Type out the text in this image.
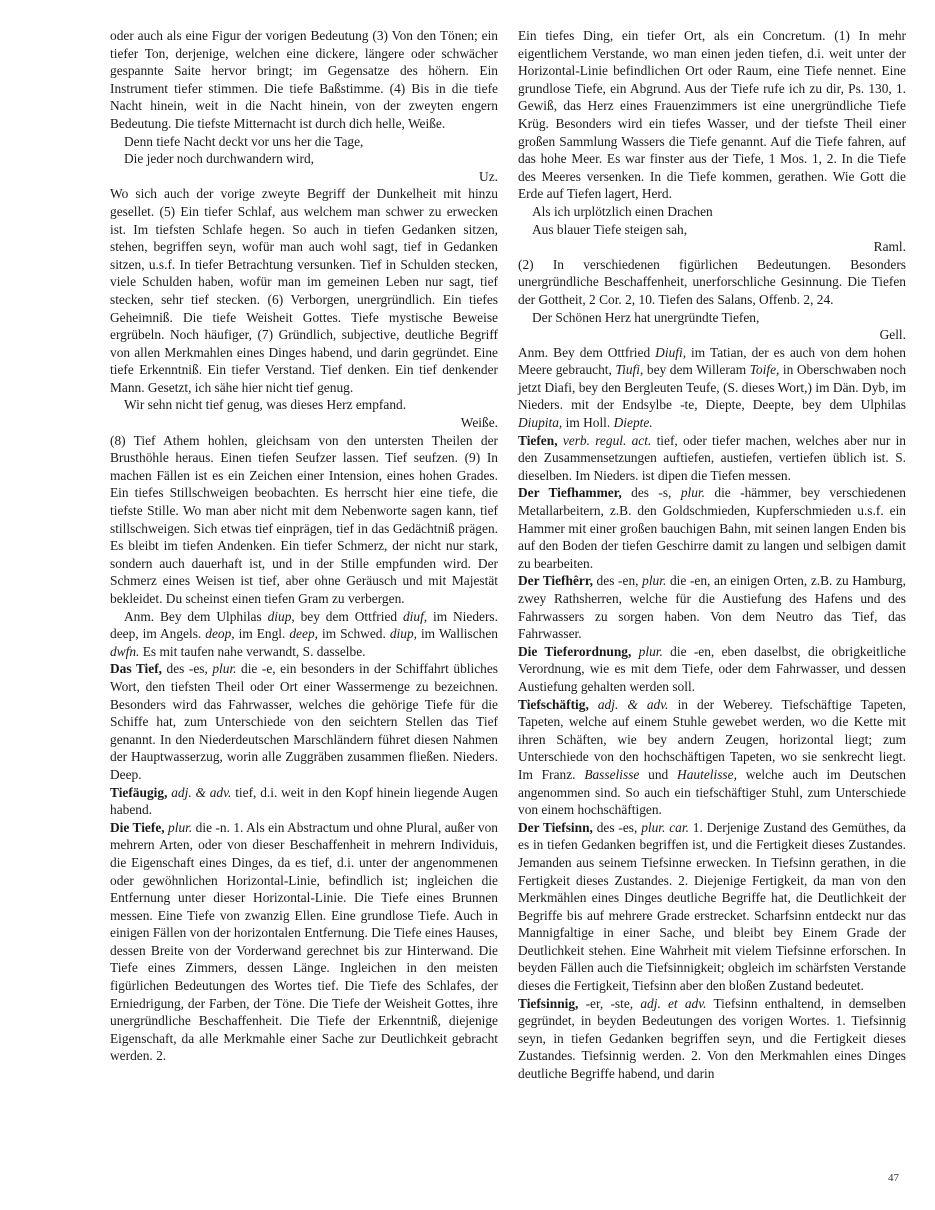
oder auch als eine Figur der vorigen Bedeutung (3) Von den Tönen; ein tiefer Ton, derjenige, welchen eine dickere, längere oder schwächer gespannte Saite hervor bringt; im Gegensatze des höhern. Ein Instrument tiefer stimmen. Die tiefe Baßstimme. (4) Bis in die tiefe Nacht hinein, weit in die Nacht hinein, von der zweyten engern Bedeutung. Die tiefste Mitternacht ist durch dich helle, Weiße.

Denn tiefe Nacht deckt vor uns her die Tage,

Die jeder noch durchwandern wird,

Uz.

Wo sich auch der vorige zweyte Begriff der Dunkelheit mit hinzu gesellet. (5) Ein tiefer Schlaf, aus welchem man schwer zu erwecken ist. Im tiefsten Schlafe hegen. So auch in tiefen Gedanken sitzen, stehen, begriffen seyn, wofür man auch wohl sagt, tief in Gedanken sitzen, u.s.f. In tiefer Betrachtung versunken. Tief in Schulden stecken, viele Schulden haben, wofür man im gemeinen Leben nur sagt, tief stecken, sehr tief stecken. (6) Verborgen, unergründlich. Ein tiefes Geheimniß. Die tiefe Weisheit Gottes. Tiefe mystische Beweise ergrübeln. Noch häufiger, (7) Gründlich, subjective, deutliche Begriff von allen Merkmahlen eines Dinges habend, und darin gegründet. Eine tiefe Erkenntniß. Ein tiefer Verstand. Tief denken. Ein tief denkender Mann. Gesetzt, ich sähe hier nicht tief genug.

Wir sehn nicht tief genug, was dieses Herz empfand.

Weiße.

(8) Tief Athem hohlen, gleichsam von den untersten Theilen der Brusthöhle heraus. Einen tiefen Seufzer lassen. Tief seufzen. (9) In machen Fällen ist es ein Zeichen einer Intension, eines hohen Grades. Ein tiefes Stillschweigen beobachten. Es herrscht hier eine tiefe, die tiefste Stille. Wo man aber nicht mit dem Nebenworte sagen kann, tief stillschweigen. Sich etwas tief einprägen, tief in das Gedächtniß prägen. Es bleibt im tiefen Andenken. Ein tiefer Schmerz, der nicht nur stark, sondern auch dauerhaft ist, und in der Stille empfunden wird. Der Schmerz eines Weisen ist tief, aber ohne Geräusch und mit Majestät bekleidet. Du scheinst einen tiefen Gram zu verbergen.

Anm. Bey dem Ulphilas diup, bey dem Ottfried diuf, im Nieders. deep, im Angels. deop, im Engl. deep, im Schwed. diup, im Wallischen dwfn. Es mit taufen nahe verwandt, S. dasselbe.

Das Tief, des -es, plur. die -e, ein besonders in der Schiffahrt übliches Wort, den tiefsten Theil oder Ort einer Wassermenge zu bezeichnen. Besonders wird das Fahrwasser, welches die gehörige Tiefe für die Schiffe hat, zum Unterschiede von den seichtern Stellen das Tief genannt. In den Niederdeutschen Marschländern führet diesen Nahmen der Hauptwasserzug, worin alle Zuggräben zusammen fließen. Nieders. Deep.

Tiefäugig, adj. & adv. tief, d.i. weit in den Kopf hinein liegende Augen habend.

Die Tiefe, plur. die -n. 1. Als ein Abstractum und ohne Plural, außer von mehrern Arten, oder von dieser Beschaffenheit in mehrern Individuis, die Eigenschaft eines Dinges, da es tief, d.i. unter der angenommenen oder gewöhnlichen Horizontal-Linie, befindlich ist; ingleichen die Entfernung unter dieser Horizontal-Linie. Die Tiefe eines Brunnen messen. Eine Tiefe von zwanzig Ellen. Eine grundlose Tiefe. Auch in einigen Fällen von der horizontalen Entfernung. Die Tiefe eines Hauses, dessen Breite von der Vorderwand gerechnet bis zur Hinterwand. Die Tiefe eines Zimmers, dessen Länge. Ingleichen in den meisten figürlichen Bedeutungen des Wortes tief. Die Tiefe des Schlafes, der Erniedrigung, der Farben, der Töne. Die Tiefe der Weisheit Gottes, ihre unergründliche Beschaffenheit. Die Tiefe der Erkenntniß, diejenige Eigenschaft, da alle Merkmahle einer Sache zur Deutlichkeit gebracht werden. 2.

Ein tiefes Ding, ein tiefer Ort, als ein Concretum. (1) In mehr eigentlichem Verstande, wo man einen jeden tiefen, d.i. weit unter der Horizontal-Linie befindlichen Ort oder Raum, eine Tiefe nennet. Eine grundlose Tiefe, ein Abgrund. Aus der Tiefe rufe ich zu dir, Ps. 130, 1. Gewiß, das Herz eines Frauenzimmers ist eine unergründliche Tiefe Krüg. Besonders wird ein tiefes Wasser, und der tiefste Theil einer großen Sammlung Wassers die Tiefe genannt. Auf die Tiefe fahren, auf das hohe Meer. Es war finster aus der Tiefe, 1 Mos. 1, 2. In die Tiefe des Meeres versenken. In die Tiefe kommen, gerathen. Wie Gott die Erde auf Tiefen lagert, Herd.

Als ich urplötzlich einen Drachen

Aus blauer Tiefe steigen sah,

Raml.

(2) In verschiedenen figürlichen Bedeutungen. Besonders unergründliche Beschaffenheit, unerforschliche Gesinnung. Die Tiefen der Gottheit, 2 Cor. 2, 10. Tiefen des Salans, Offenb. 2, 24.

Der Schönen Herz hat unergründte Tiefen,

Gell.

Anm. Bey dem Ottfried Diufi, im Tatian, der es auch von dem hohen Meere gebraucht, Tiufi, bey dem Willeram Toife, in Oberschwaben noch jetzt Diafi, bey den Bergleuten Teufe, (S. dieses Wort,) im Dän. Dyb, im Nieders. mit der Endsylbe -te, Diepte, Deepte, bey dem Ulphilas Diupita, im Holl. Diepte.

Tiefen, verb. regul. act. tief, oder tiefer machen, welches aber nur in den Zusammensetzungen auftiefen, austiefen, vertiefen üblich ist. S. dieselben. Im Nieders. ist dipen die Tiefen messen.

Der Tiefhammer, des -s, plur. die -hämmer, bey verschiedenen Metallarbeitern, z.B. den Goldschmieden, Kupferschmieden u.s.f. ein Hammer mit einer großen bauchigen Bahn, mit seinen langen Enden bis auf den Boden der tiefen Geschirre damit zu langen und selbigen damit zu bearbeiten.

Der Tiefhêrr, des -en, plur. die -en, an einigen Orten, z.B. zu Hamburg, zwey Rathsherren, welche für die Austiefung des Hafens und des Fahrwassers zu sorgen haben. Von dem Neutro das Tief, das Fahrwasser.

Die Tieferordnung, plur. die -en, eben daselbst, die obrigkeitliche Verordnung, wie es mit dem Tiefe, oder dem Fahrwasser, und dessen Austiefung gehalten werden soll.

Tiefschäftig, adj. & adv. in der Weberey. Tiefschäftige Tapeten, Tapeten, welche auf einem Stuhle gewebet werden, wo die Kette mit ihren Schäften, wie bey andern Zeugen, horizontal liegt; zum Unterschiede von den hochschäftigen Tapeten, wo sie senkrecht liegt. Im Franz. Basselisse und Hautelisse, welche auch im Deutschen angenommen sind. So auch ein tiefschäftiger Stuhl, zum Unterschiede von einem hochschäftigen.

Der Tiefsinn, des -es, plur. car. 1. Derjenige Zustand des Gemüthes, da es in tiefen Gedanken begriffen ist, und die Fertigkeit dieses Zustandes. Jemanden aus seinem Tiefsinne erwecken. In Tiefsinn gerathen, in die Fertigkeit dieses Zustandes. 2. Diejenige Fertigkeit, da man von den Merkmählen eines Dinges deutliche Begriffe hat, die Deutlichkeit der Begriffe bis auf mehrere Grade erstrecket. Scharfsinn entdeckt nur das Mannigfaltige in einer Sache, und bleibt bey Einem Grade der Deutlichkeit stehen. Eine Wahrheit mit vielem Tiefsinne erforschen. In beyden Fällen auch die Tiefsinnigkeit; obgleich im schärfsten Verstande dieses die Fertigkeit, Tiefsinn aber den bloßen Zustand bedeutet.

Tiefsinnig, -er, -ste, adj. et adv. Tiefsinn enthaltend, in demselben gegründet, in beyden Bedeutungen des vorigen Wortes. 1. Tiefsinnig seyn, in tiefen Gedanken begriffen seyn, und die Fertigkeit dieses Zustandes. Tiefsinnig werden. 2. Von den Merkmahlen eines Dinges deutliche Begriffe habend, und darin

47
